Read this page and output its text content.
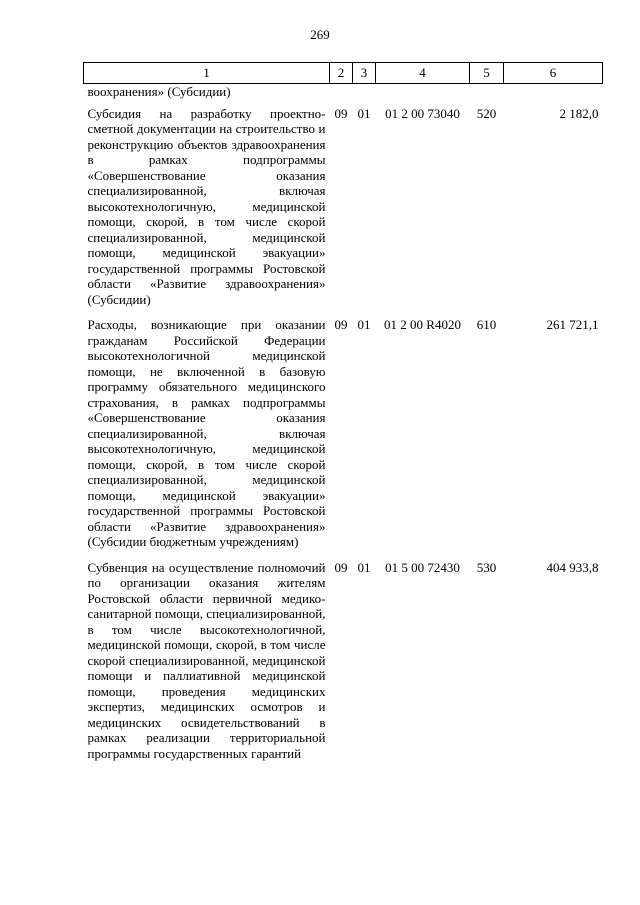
269
1	2	3	4	5	6
воохранения» (Субсидии)					
Субсидия на разработку проектно-сметной документации на строительство и реконструкцию объектов здравоохранения в рамках подпрограммы «Совершенствование оказания специализированной, включая высокотехнологичную, медицинской помощи, скорой, в том числе скорой специализированной, медицинской помощи, медицинской эвакуации» государственной программы Ростовской области «Развитие здравоохранения» (Субсидии)	09	01	01 2 00 73040	520	2 182,0
Расходы, возникающие при оказании гражданам Российской Федерации высокотехнологичной медицинской помощи, не включенной в базовую программу обязательного медицинского страхования, в рамках подпрограммы «Совершенствование оказания специализированной, включая высокотехнологичную, медицинской помощи, скорой, в том числе скорой специализированной, медицинской помощи, медицинской эвакуации» государственной программы Ростовской области «Развитие здравоохранения» (Субсидии бюджетным учреждениям)	09	01	01 2 00 R4020	610	261 721,1
Субвенция на осуществление полномочий по организации оказания жителям Ростовской области первичной медико-санитарной помощи, специализированной, в том числе высокотехнологичной, медицинской помощи, скорой, в том числе скорой специализированной, медицинской помощи и паллиативной медицинской помощи, проведения медицинских экспертиз, медицинских осмотров и медицинских освидетельствований в рамках реализации территориальной программы государственных гарантий	09	01	01 5 00 72430	530	404 933,8
